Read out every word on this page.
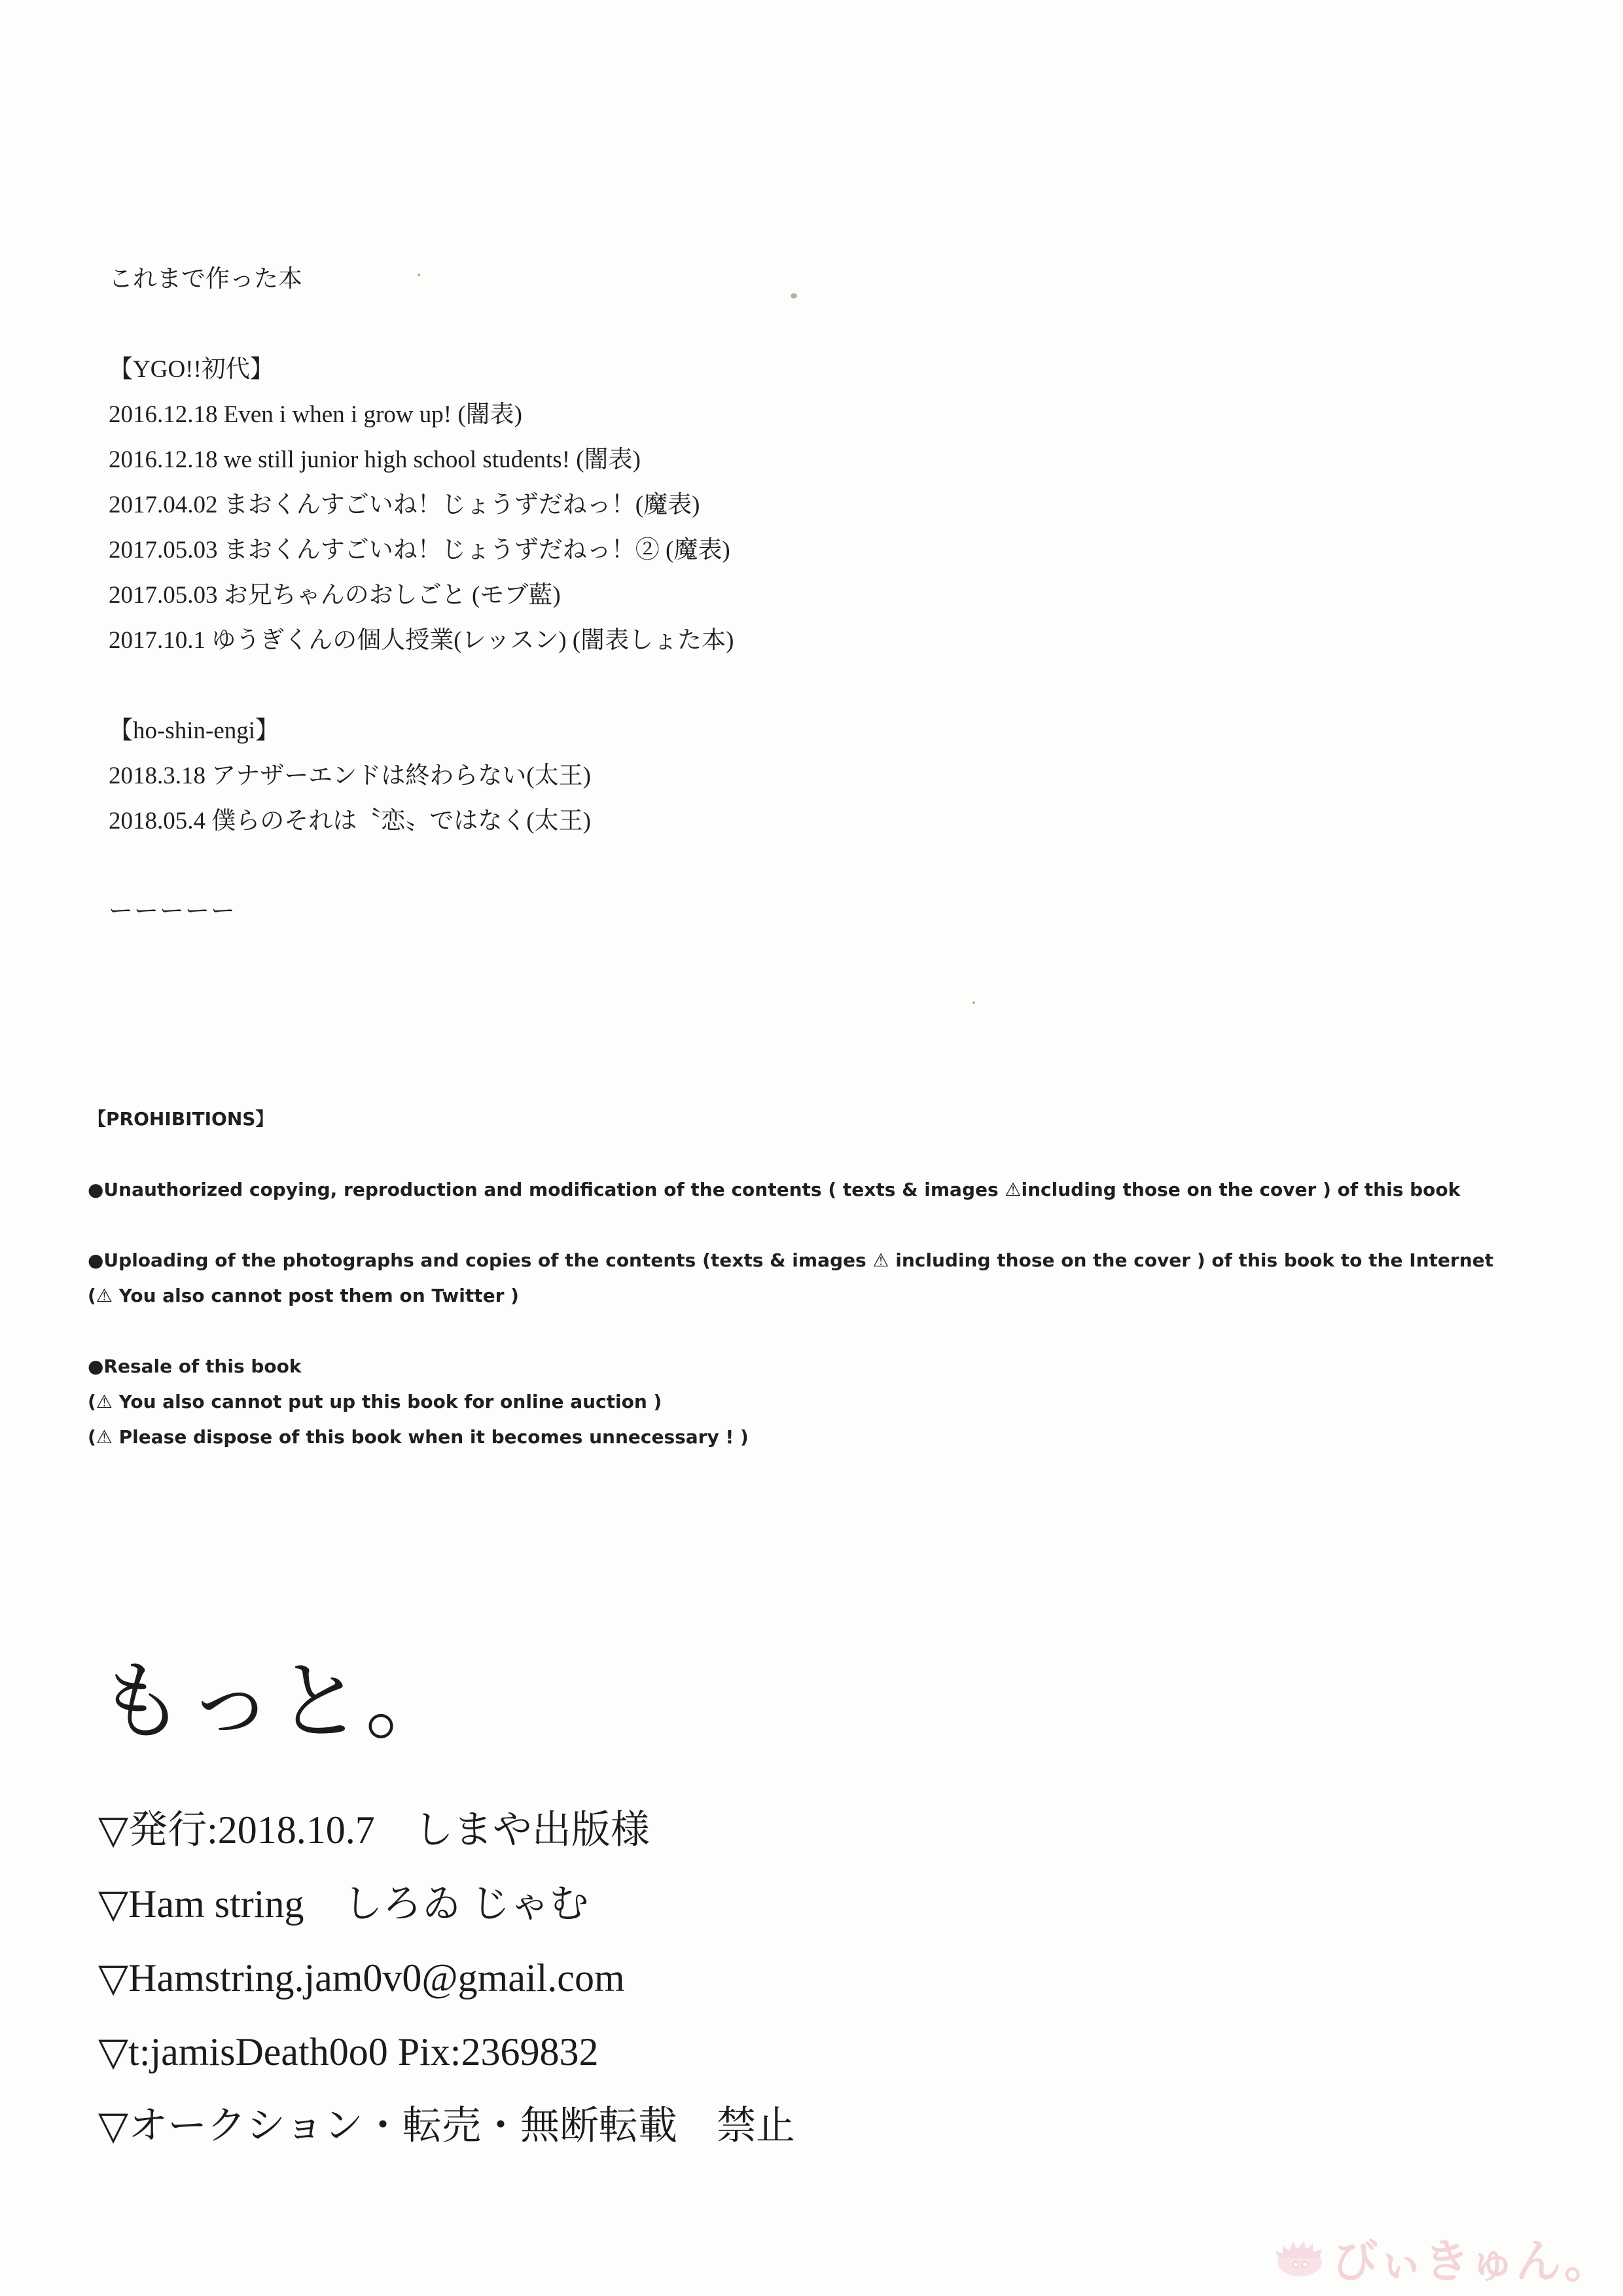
これまで作った本

【YGO!!初代】

2016.12.18 Even i when i grow up! (闇表)

2016.12.18 we still junior high school students! (闇表)

2017.04.02 まおくんすごいね！じょうずだねっ！(魔表)

2017.05.03 まおくんすごいね！じょうずだねっ！② (魔表)

2017.05.03 お兄ちゃんのおしごと (モブ藍)

2017.10.1 ゆうぎくんの個人授業(レッスン) (闇表しょた本)

【ho-shin-engi】

2018.3.18 アナザーエンドは終わらない(太王)

2018.05.4 僕らのそれは〝恋〟ではなく(太王)

ーーーーー

【PROHIBITIONS】

●Unauthorized copying, reproduction and modification of the contents ( texts & images ⚠including those on the cover ) of this book

●Uploading of the photographs and copies of the contents (texts & images ⚠ including those on the cover ) of this book to the Internet

(⚠ You also cannot post them on Twitter )

●Resale of this book

(⚠ You also cannot put up this book for online auction )

(⚠ Please dispose of this book when it becomes unnecessary ! )

もっと。

▽発行:2018.10.7　しまや出版様

▽Ham string　しろゐ じゃむ

▽Hamstring.jam0v0@gmail.com

▽t:jamisDeath0o0 Pix:2369832

▽オークション・転売・無断転載　禁止

びぃきゅん。
